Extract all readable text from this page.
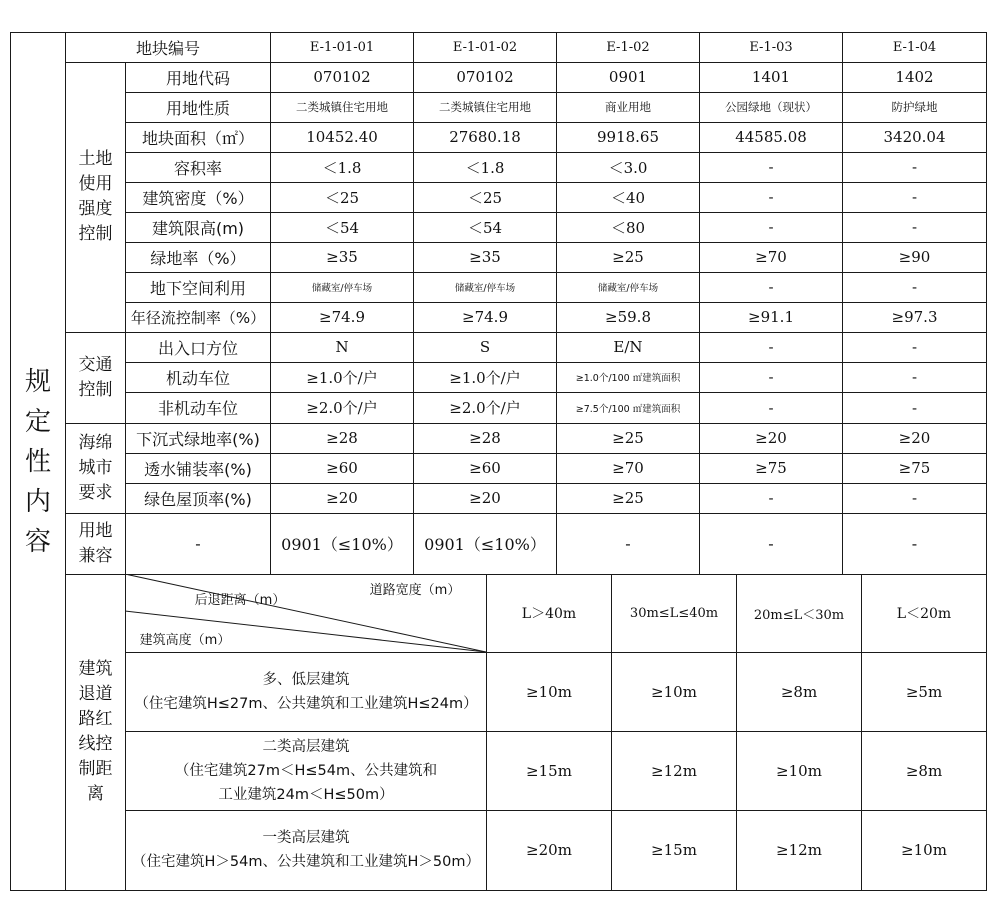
规定性内容
地块编号	E-1-01-01	E-1-01-02	E-1-02	E-1-03	E-1-04
土地使用强度控制
交通控制
海绵城市要求
用地兼容
建筑退道路红线控制距离
用地代码	070102	070102	0901	1401	1402
用地性质	二类城镇住宅用地	二类城镇住宅用地	商业用地	公园绿地（现状）	防护绿地
地块面积（㎡）	10452.40	27680.18	9918.65	44585.08	3420.04
容积率	＜1.8	＜1.8	＜3.0	-	-
建筑密度（%）	＜25	＜25	＜40	-	-
建筑限高(m)	＜54	＜54	＜80	-	-
绿地率（%）	≥35	≥35	≥25	≥70	≥90
地下空间利用	储藏室/停车场	储藏室/停车场	储藏室/停车场	-	-
年径流控制率（%）	≥74.9	≥74.9	≥59.8	≥91.1	≥97.3
出入口方位	N	S	E/N	-	-
机动车位	≥1.0个/户	≥1.0个/户	≥1.0个/100 ㎡建筑面积	-	-
非机动车位	≥2.0个/户	≥2.0个/户	≥7.5个/100 ㎡建筑面积	-	-
下沉式绿地率(%)	≥28	≥28	≥25	≥20	≥20
透水铺装率(%)	≥60	≥60	≥70	≥75	≥75
绿色屋顶率(%)	≥20	≥20	≥25	-	-
-	0901（≤10%）	0901（≤10%）	-	-	-
道路宽度（m）
后退距离（m）
建筑高度（m）
L＞40m	30m≤L≤40m	20m≤L＜30m	L＜20m
多、低层建筑
（住宅建筑H≤27m、公共建筑和工业建筑H≤24m）
≥10m	≥10m	≥8m	≥5m
二类高层建筑
（住宅建筑27m＜H≤54m、公共建筑和
工业建筑24m＜H≤50m）
≥15m	≥12m	≥10m	≥8m
一类高层建筑
（住宅建筑H＞54m、公共建筑和工业建筑H＞50m）
≥20m	≥15m	≥12m	≥10m
